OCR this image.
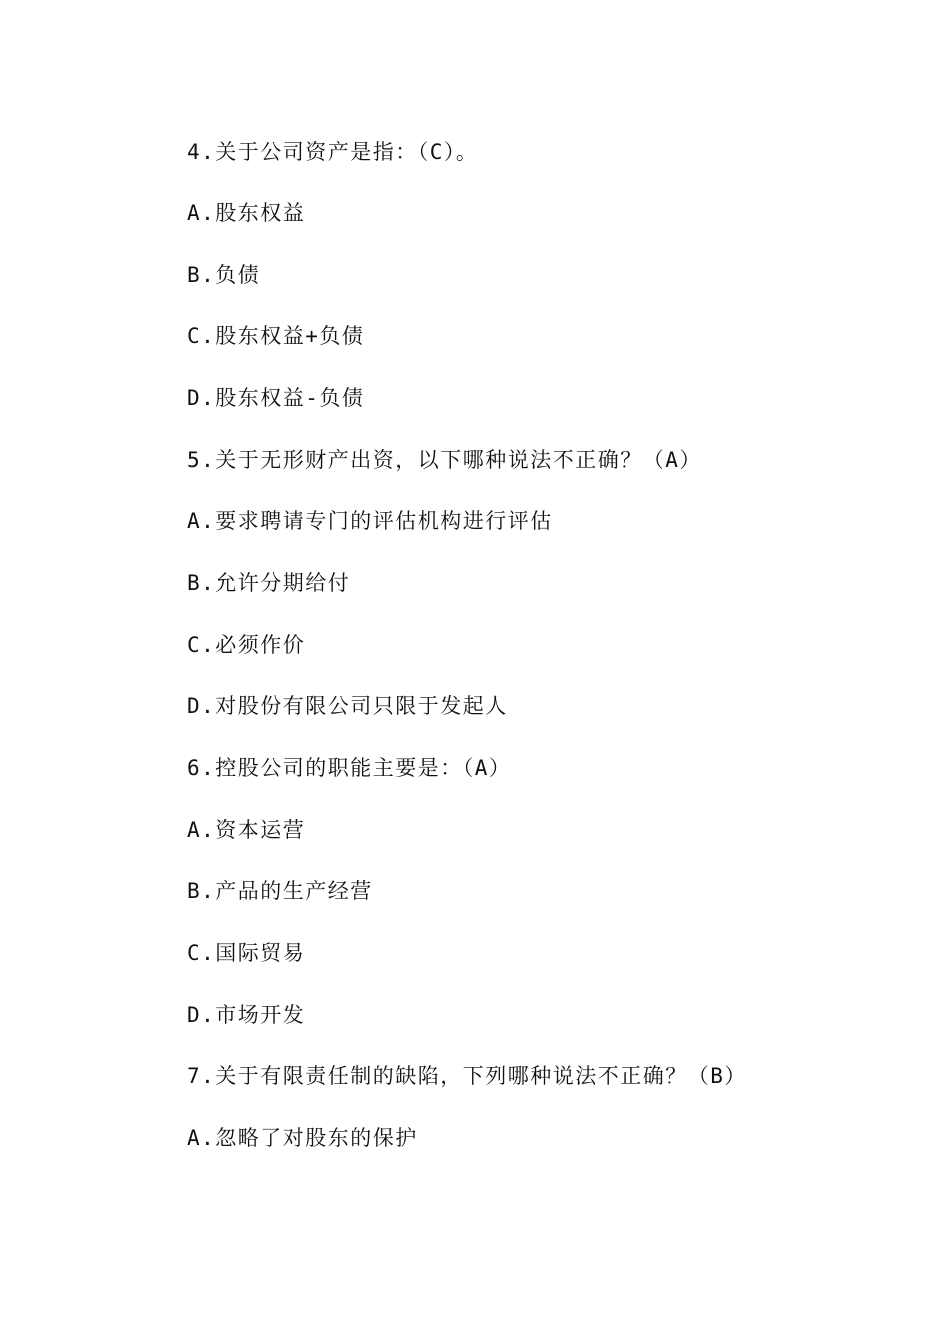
4.关于公司资产是指：（C）。
A.股东权益
B.负债
C.股东权益+负债
D.股东权益-负债
5.关于无形财产出资，以下哪种说法不正确？（A）
A.要求聘请专门的评估机构进行评估
B.允许分期给付
C.必须作价
D.对股份有限公司只限于发起人
6.控股公司的职能主要是：（A）
A.资本运营
B.产品的生产经营
C.国际贸易
D.市场开发
7.关于有限责任制的缺陷，下列哪种说法不正确？（B）
A.忽略了对股东的保护
